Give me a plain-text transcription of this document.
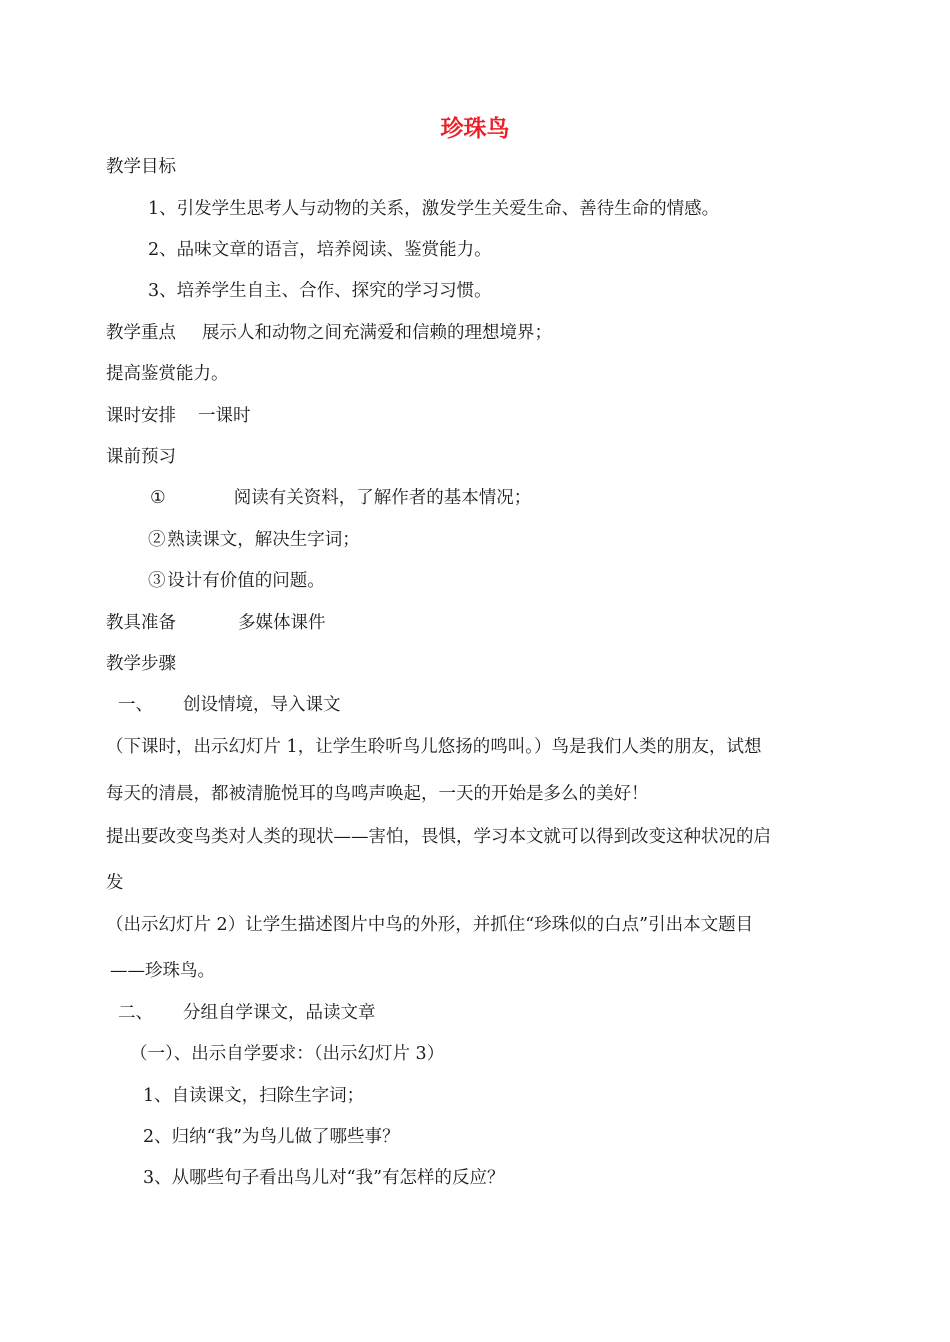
珍珠鸟
教学目标
1、引发学生思考人与动物的关系，激发学生关爱生命、善待生命的情感。
2、品味文章的语言，培养阅读、鉴赏能力。
3、培养学生自主、合作、探究的学习习惯。
教学重点 展示人和动物之间充满爱和信赖的理想境界；
提高鉴赏能力。
课时安排 一课时
课前预习
①	阅读有关资料，了解作者的基本情况；
②  熟读课文，解决生字词；
③  设计有价值的问题。
教具准备	多媒体课件
教学步骤
一、 创设情境，导入课文
（下课时，出示幻灯片 1，让学生聆听鸟儿悠扬的鸣叫。）鸟是我们人类的朋友，试想
每天的清晨，都被清脆悦耳的鸟鸣声唤起，一天的开始是多么的美好！
提出要改变鸟类对人类的现状——害怕，畏惧，学习本文就可以得到改变这种状况的启
发
（出示幻灯片 2）让学生描述图片中鸟的外形，并抓住“珍珠似的白点”引出本文题目
——珍珠鸟。
二、 分组自学课文，品读文章
（一）、出示自学要求：（出示幻灯片 3）
1、自读课文，扫除生字词；
2、归纳“我”为鸟儿做了哪些事？
3、从哪些句子看出鸟儿对“我”有怎样的反应？
